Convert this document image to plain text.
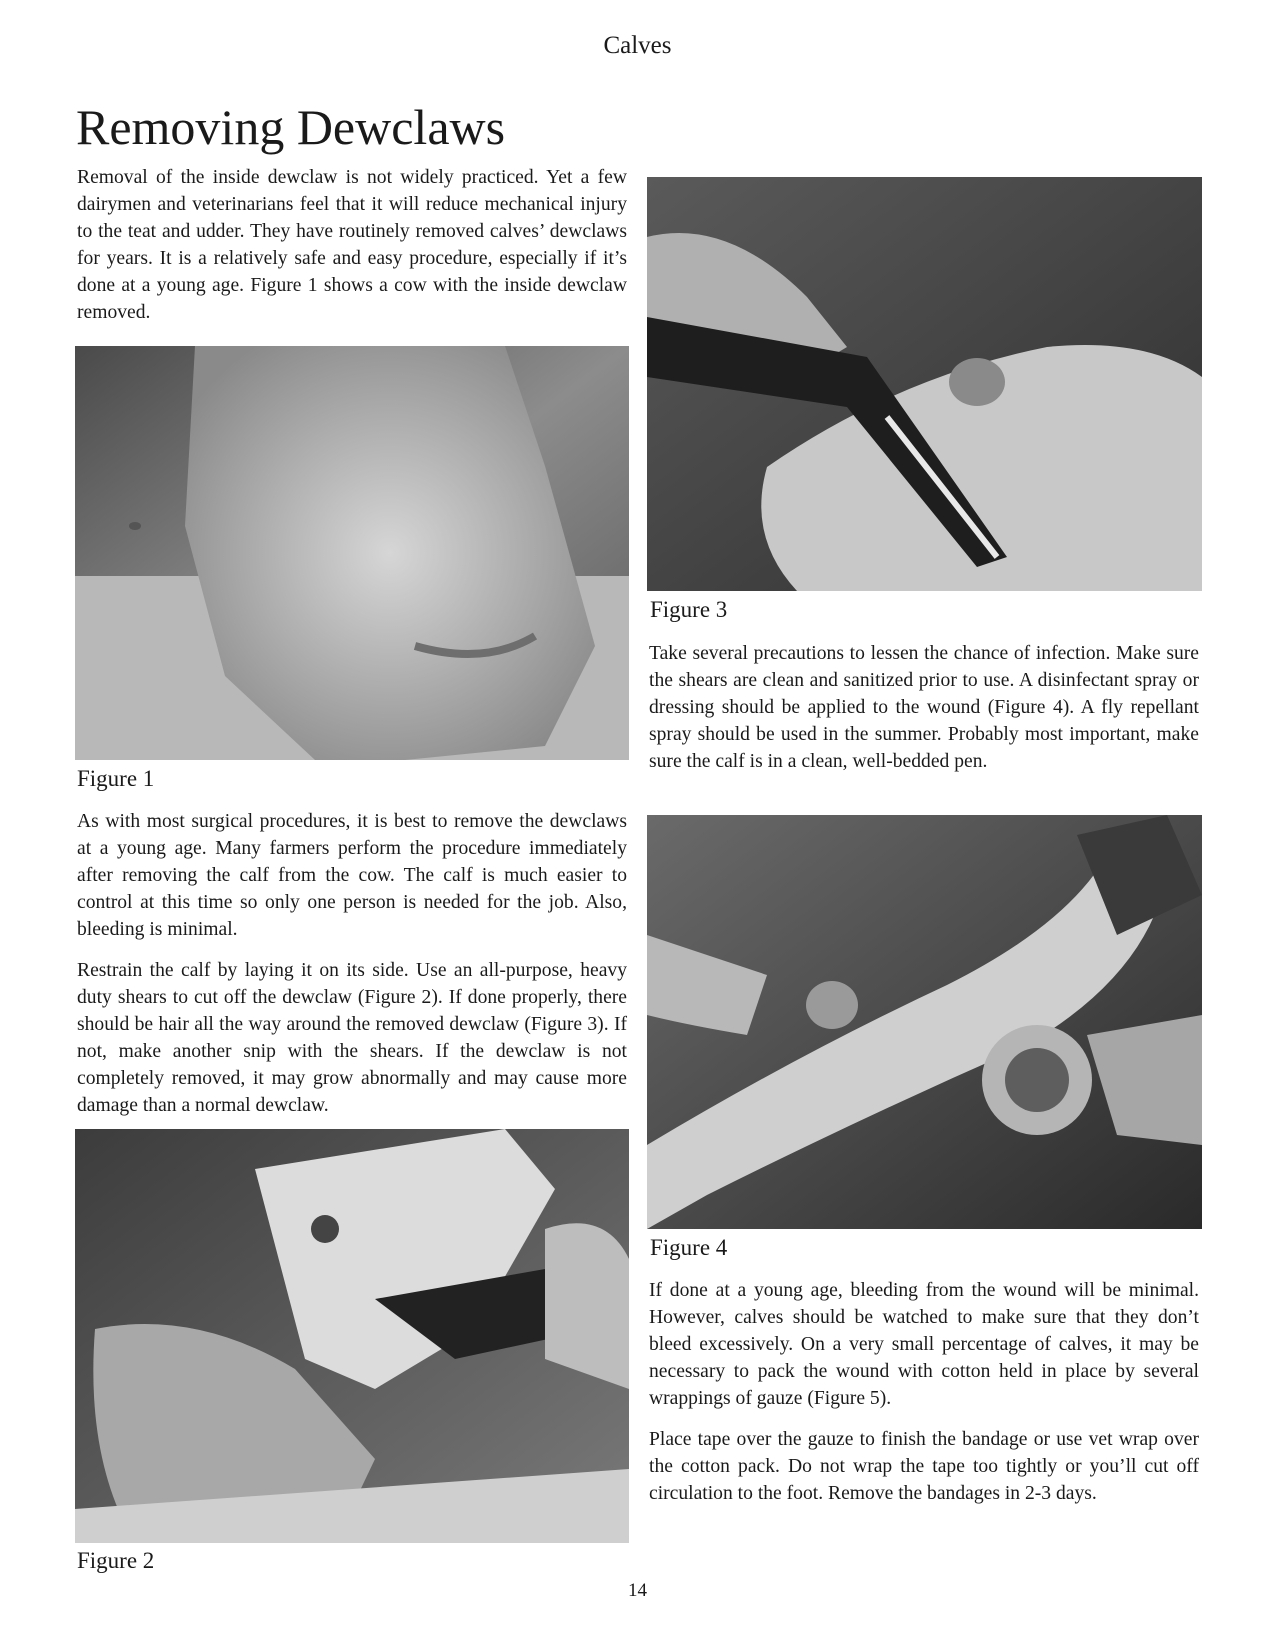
Calves
Removing Dewclaws

Removal of the inside dewclaw is not widely practiced. Yet a few dairymen and veterinarians feel that it will reduce mechanical injury to the teat and udder. They have routinely removed calves’ dewclaws for years. It is a relatively safe and easy procedure, especially if it’s done at a young age. Figure 1 shows a cow with the inside dewclaw removed.

Figure 1

As with most surgical procedures, it is best to remove the dewclaws at a young age. Many farmers perform the procedure immediately after removing the calf from the cow. The calf is much easier to control at this time so only one person is needed for the job. Also, bleeding is minimal.

Restrain the calf by laying it on its side. Use an all-purpose, heavy duty shears to cut off the dewclaw (Figure 2). If done properly, there should be hair all the way around the removed dewclaw (Figure 3). If not, make another snip with the shears. If the dewclaw is not completely removed, it may grow abnormally and may cause more damage than a normal dewclaw.

Figure 2
Figure 3

Take several precautions to lessen the chance of infection. Make sure the shears are clean and sanitized prior to use. A disinfectant spray or dressing should be applied to the wound (Figure 4). A fly repellant spray should be used in the summer. Probably most important, make sure the calf is in a clean, well-bedded pen.

Figure 4

If done at a young age, bleeding from the wound will be minimal. However, calves should be watched to make sure that they don’t bleed excessively. On a very small percentage of calves, it may be necessary to pack the wound with cotton held in place by several wrappings of gauze (Figure 5).

Place tape over the gauze to finish the bandage or use vet wrap over the cotton pack. Do not wrap the tape too tightly or you’ll cut off circulation to the foot. Remove the bandages in 2-3 days.

14
